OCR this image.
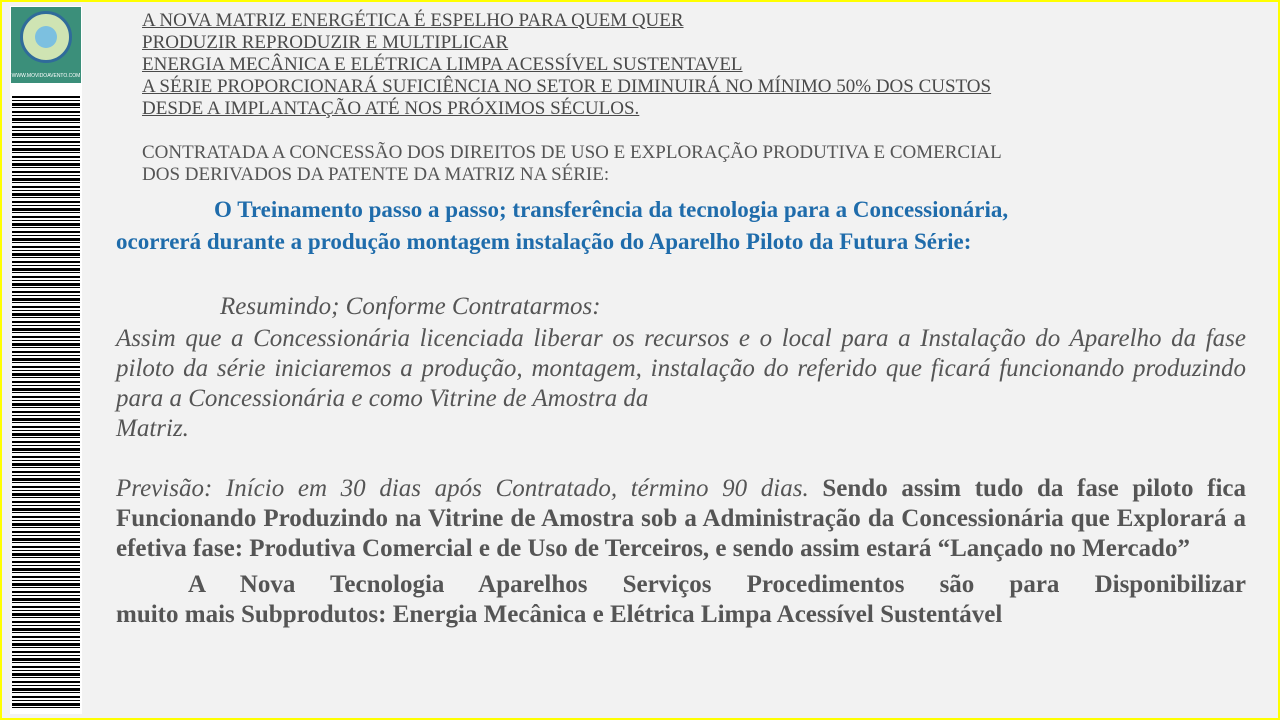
WWW.MOVIDOAVENTO.COM
A NOVA MATRIZ ENERGÉTICA É ESPELHO PARA QUEM QUER
PRODUZIR REPRODUZIR E MULTIPLICAR
ENERGIA MECÂNICA E ELÉTRICA LIMPA ACESSÍVEL SUSTENTAVEL
A SÉRIE PROPORCIONARÁ SUFICIÊNCIA NO SETOR E DIMINUIRÁ NO MÍNIMO 50% DOS CUSTOS
DESDE A IMPLANTAÇÃO ATÉ NOS PRÓXIMOS SÉCULOS.
CONTRATADA A CONCESSÃO DOS DIREITOS DE USO E EXPLORAÇÃO PRODUTIVA E COMERCIAL
DOS DERIVADOS DA PATENTE DA MATRIZ NA SÉRIE:
O Treinamento passo a passo; transferência da tecnologia para a Concessionária,
ocorrerá durante a produção montagem instalação do Aparelho Piloto da Futura Série:
Resumindo; Conforme Contratarmos:
Assim que a Concessionária licenciada liberar os recursos e o local para a Instalação do Aparelho da fase piloto da série iniciaremos a produção, montagem, instalação do referido que ficará funcionando produzindo para a Concessionária e como Vitrine de Amostra da
Matriz.
Previsão: Início em 30 dias após Contratado, término 90 dias. Sendo assim tudo da fase piloto fica Funcionando Produzindo na Vitrine de Amostra sob a Administração da Concessionária que Explorará a efetiva fase: Produtiva Comercial e de Uso de Terceiros, e sendo assim estará “Lançado no Mercado”
A Nova Tecnologia Aparelhos Serviços Procedimentos são para Disponibilizar
muito mais Subprodutos: Energia Mecânica e Elétrica Limpa Acessível Sustentável
